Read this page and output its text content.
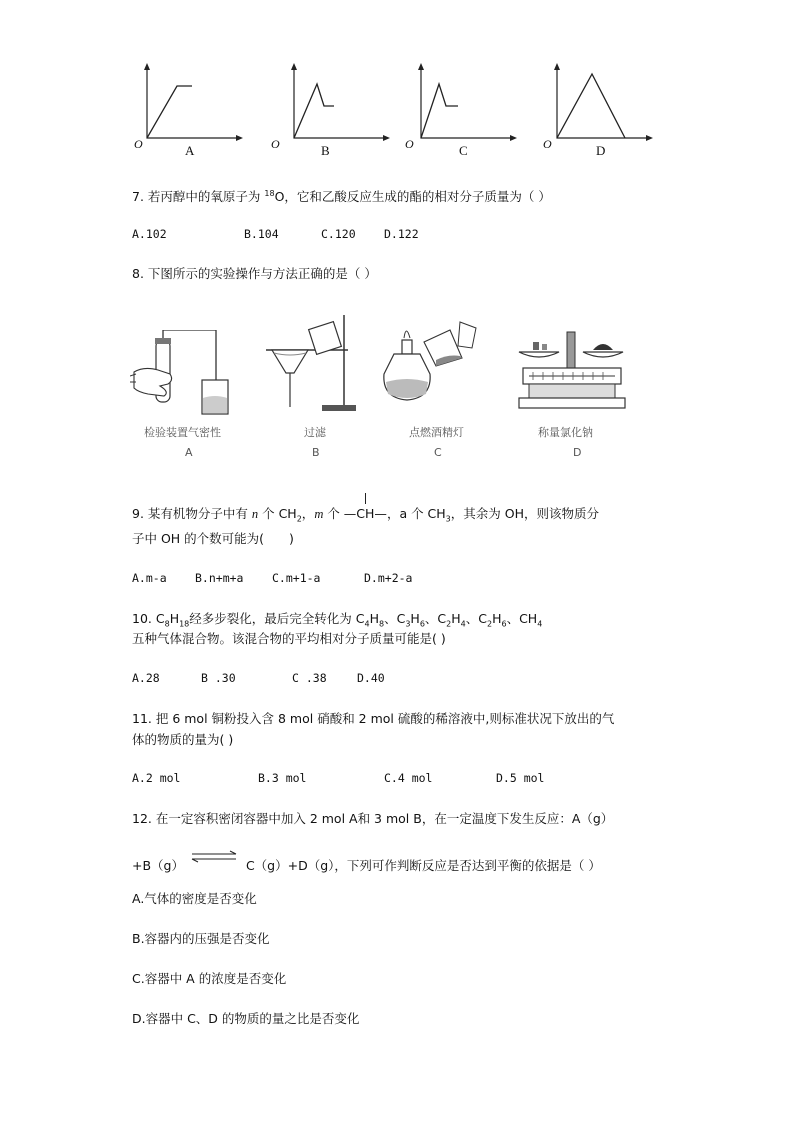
O	A	O	B	O	C	O	D
7. 若丙醇中的氧原子为 $^{18}$O，它和乙酸反应生成的酯的相对分子质量为（ ）
A.102	B.104	C.120 D.122
8. 下图所示的实验操作与方法正确的是（ ）
检验装置气密性
A
过滤
B
点燃酒精灯
C
称量氯化钠
D
9. 某有机物分子中有 n 个 $CH_2$，m 个
—CH—，a 个 $CH_3$，其余为 OH，则该物质分
子中 OH 的个数可能为(　　)
A.m-a B.n+m+a C.m+1-a	D.m+2-a
10. $C_8H_{18}$经多步裂化，最后完全转化为 $C_4H_8$、$C_3H_6$、$C_2H_4$、$C_2H_6$、$CH_4$
五种气体混合物。该混合物的平均相对分子质量可能是( )
A.28	B .30	C .38	D.40
11. 把 6 mol 铜粉投入含 8 mol 硝酸和 2 mol 硫酸的稀溶液中,则标准状况下放出的气
体的物质的量为( )
A.2 mol	B.3 mol	C.4 mol	D.5 mol
12. 在一定容积密闭容器中加入 2 mol A和 3 mol B，在一定温度下发生反应：A（g）
+B（g）	C（g）+D（g），下列可作判断反应是否达到平衡的依据是（ ）
A.气体的密度是否变化
B.容器内的压强是否变化
C.容器中 A 的浓度是否变化
D.容器中 C、D 的物质的量之比是否变化
